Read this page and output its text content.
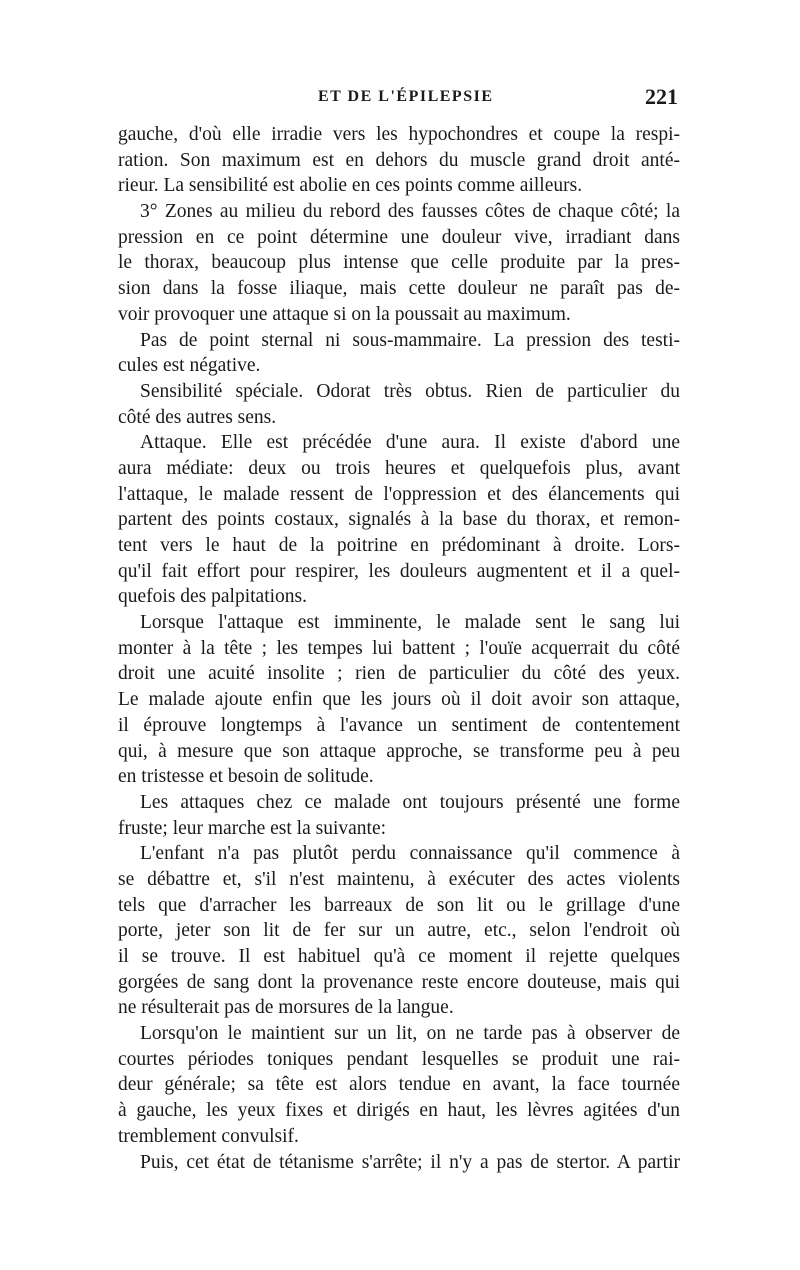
ET DE L'ÉPILEPSIE	221
gauche, d'où elle irradie vers les hypochondres et coupe la respi-
ration. Son maximum est en dehors du muscle grand droit anté-
rieur. La sensibilité est abolie en ces points comme ailleurs.
3° Zones au milieu du rebord des fausses côtes de chaque côté; la
pression en ce point détermine une douleur vive, irradiant dans
le thorax, beaucoup plus intense que celle produite par la pres-
sion dans la fosse iliaque, mais cette douleur ne paraît pas de-
voir provoquer une attaque si on la poussait au maximum.
Pas de point sternal ni sous-mammaire. La pression des testi-
cules est négative.
Sensibilité spéciale. Odorat très obtus. Rien de particulier du
côté des autres sens.
Attaque. Elle est précédée d'une aura. Il existe d'abord une
aura médiate: deux ou trois heures et quelquefois plus, avant
l'attaque, le malade ressent de l'oppression et des élancements qui
partent des points costaux, signalés à la base du thorax, et remon-
tent vers le haut de la poitrine en prédominant à droite. Lors-
qu'il fait effort pour respirer, les douleurs augmentent et il a quel-
quefois des palpitations.
Lorsque l'attaque est imminente, le malade sent le sang lui
monter à la tête ; les tempes lui battent ; l'ouïe acquerrait du côté
droit une acuité insolite ; rien de particulier du côté des yeux.
Le malade ajoute enfin que les jours où il doit avoir son attaque,
il éprouve longtemps à l'avance un sentiment de contentement
qui, à mesure que son attaque approche, se transforme peu à peu
en tristesse et besoin de solitude.
Les attaques chez ce malade ont toujours présenté une forme
fruste; leur marche est la suivante:
L'enfant n'a pas plutôt perdu connaissance qu'il commence à
se débattre et, s'il n'est maintenu, à exécuter des actes violents
tels que d'arracher les barreaux de son lit ou le grillage d'une
porte, jeter son lit de fer sur un autre, etc., selon l'endroit où
il se trouve. Il est habituel qu'à ce moment il rejette quelques
gorgées de sang dont la provenance reste encore douteuse, mais qui
ne résulterait pas de morsures de la langue.
Lorsqu'on le maintient sur un lit, on ne tarde pas à observer de
courtes périodes toniques pendant lesquelles se produit une rai-
deur générale; sa tête est alors tendue en avant, la face tournée
à gauche, les yeux fixes et dirigés en haut, les lèvres agitées d'un
tremblement convulsif.
Puis, cet état de tétanisme s'arrête; il n'y a pas de stertor. A partir
